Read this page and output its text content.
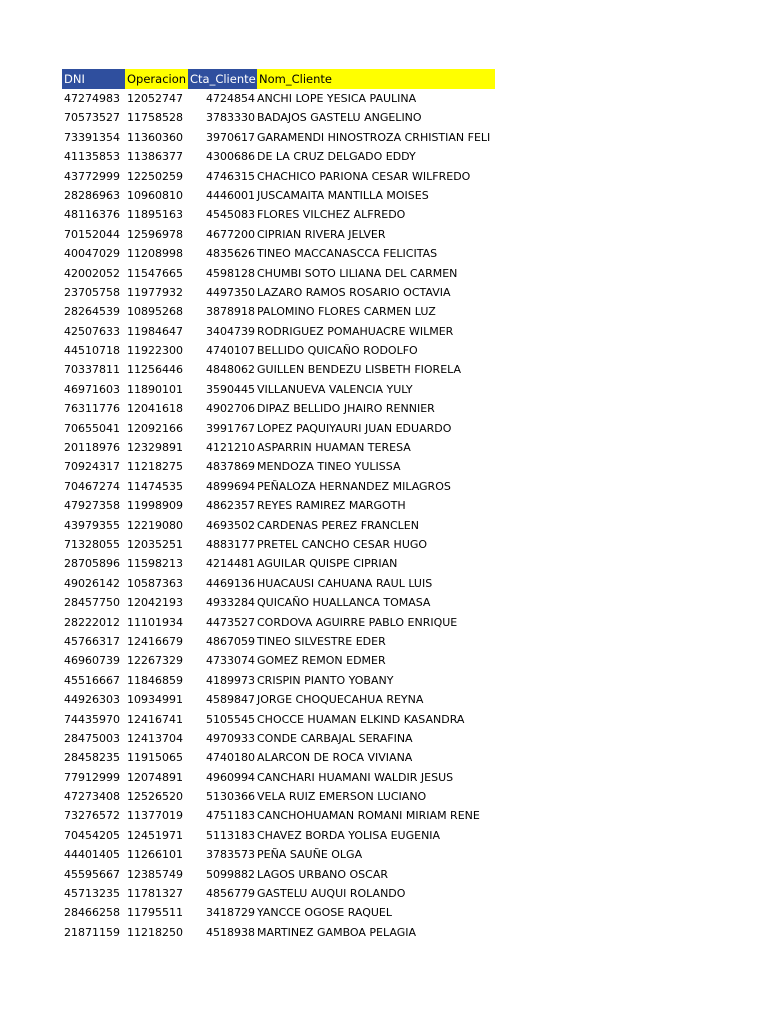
DNI	Operacion Cta_Cliente Nom_Cliente
47274983 12052747	4724854 ANCHI LOPE YESICA PAULINA
70573527 11758528	3783330 BADAJOS GASTELU ANGELINO
73391354 11360360	3970617 GARAMENDI HINOSTROZA CRHISTIAN FELI
41135853 11386377	4300686 DE LA CRUZ DELGADO EDDY
43772999 12250259	4746315 CHACHICO PARIONA CESAR WILFREDO
28286963 10960810	4446001 JUSCAMAITA MANTILLA MOISES
48116376 11895163	4545083 FLORES VILCHEZ ALFREDO
70152044 12596978	4677200 CIPRIAN RIVERA JELVER
40047029 11208998	4835626 TINEO MACCANASCCA FELICITAS
42002052 11547665	4598128 CHUMBI SOTO LILIANA DEL CARMEN
23705758 11977932	4497350 LAZARO RAMOS ROSARIO OCTAVIA
28264539 10895268	3878918 PALOMINO FLORES CARMEN LUZ
42507633 11984647	3404739 RODRIGUEZ POMAHUACRE WILMER
44510718 11922300	4740107 BELLIDO QUICAÑO RODOLFO
70337811 11256446	4848062 GUILLEN BENDEZU LISBETH FIORELA
46971603 11890101	3590445 VILLANUEVA VALENCIA YULY
76311776 12041618	4902706 DIPAZ BELLIDO JHAIRO RENNIER
70655041 12092166	3991767 LOPEZ PAQUIYAURI JUAN EDUARDO
20118976 12329891	4121210 ASPARRIN HUAMAN TERESA
70924317 11218275	4837869 MENDOZA TINEO YULISSA
70467274 11474535	4899694 PEÑALOZA HERNANDEZ MILAGROS
47927358 11998909	4862357 REYES RAMIREZ MARGOTH
43979355 12219080	4693502 CARDENAS PEREZ FRANCLEN
71328055 12035251	4883177 PRETEL CANCHO CESAR HUGO
28705896 11598213	4214481 AGUILAR QUISPE CIPRIAN
49026142 10587363	4469136 HUACAUSI CAHUANA RAUL LUIS
28457750 12042193	4933284 QUICAÑO HUALLANCA TOMASA
28222012 11101934	4473527 CORDOVA AGUIRRE PABLO ENRIQUE
45766317 12416679	4867059 TINEO SILVESTRE EDER
46960739 12267329	4733074 GOMEZ REMON EDMER
45516667 11846859	4189973 CRISPIN PIANTO YOBANY
44926303 10934991	4589847 JORGE CHOQUECAHUA REYNA
74435970 12416741	5105545 CHOCCE HUAMAN ELKIND KASANDRA
28475003 12413704	4970933 CONDE CARBAJAL SERAFINA
28458235 11915065	4740180 ALARCON DE ROCA VIVIANA
77912999 12074891	4960994 CANCHARI HUAMANI WALDIR JESUS
47273408 12526520	5130366 VELA RUIZ EMERSON LUCIANO
73276572 11377019	4751183 CANCHOHUAMAN ROMANI MIRIAM RENE
70454205 12451971	5113183 CHAVEZ BORDA YOLISA EUGENIA
44401405 11266101	3783573 PEÑA SAUÑE OLGA
45595667 12385749	5099882 LAGOS URBANO OSCAR
45713235 11781327	4856779 GASTELU AUQUI ROLANDO
28466258 11795511	3418729 YANCCE OGOSE RAQUEL
21871159 11218250	4518938 MARTINEZ GAMBOA PELAGIA
